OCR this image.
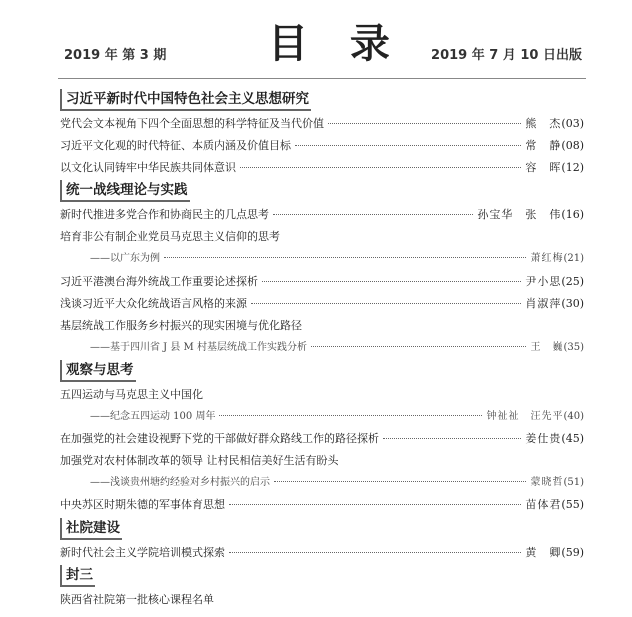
2019 年 第 3 期	目 录 2019 年 7 月 10 日出版
习近平新时代中国特色社会主义思想研究

党代会文本视角下四个全面思想的科学特征及当代价值	熊　杰 (03)
习近平文化观的时代特征、本质内涵及价值目标	常　静 (08)
以文化认同铸牢中华民族共同体意识	容　晖 (12)
统一战线理论与实践

新时代推进多党合作和协商民主的几点思考	孙宝华　张　伟 (16)
培育非公有制企业党员马克思主义信仰的思考
——以广东为例	萧红梅 (21)
习近平港澳台海外统战工作重要论述探析	尹小思 (25)
浅谈习近平大众化统战语言风格的来源	肖淑萍 (30)
基层统战工作服务乡村振兴的现实困境与优化路径
——基于四川省 J 县 M 村基层统战工作实践分析	王　巍 (35)
观察与思考

五四运动与马克思主义中国化
——纪念五四运动 100 周年	钟祉祉　汪先平 (40)
在加强党的社会建设视野下党的干部做好群众路线工作的路径探析	姜仕贵 (45)
加强党对农村体制改革的领导 让村民相信美好生活有盼头
——浅谈贵州塘约经验对乡村振兴的启示	蒙晓哲 (51)
中央苏区时期朱德的军事体育思想	苗体君 (55)
社院建设

新时代社会主义学院培训模式探索	黄　卿 (59)
封三

陕西省社院第一批核心课程名单
